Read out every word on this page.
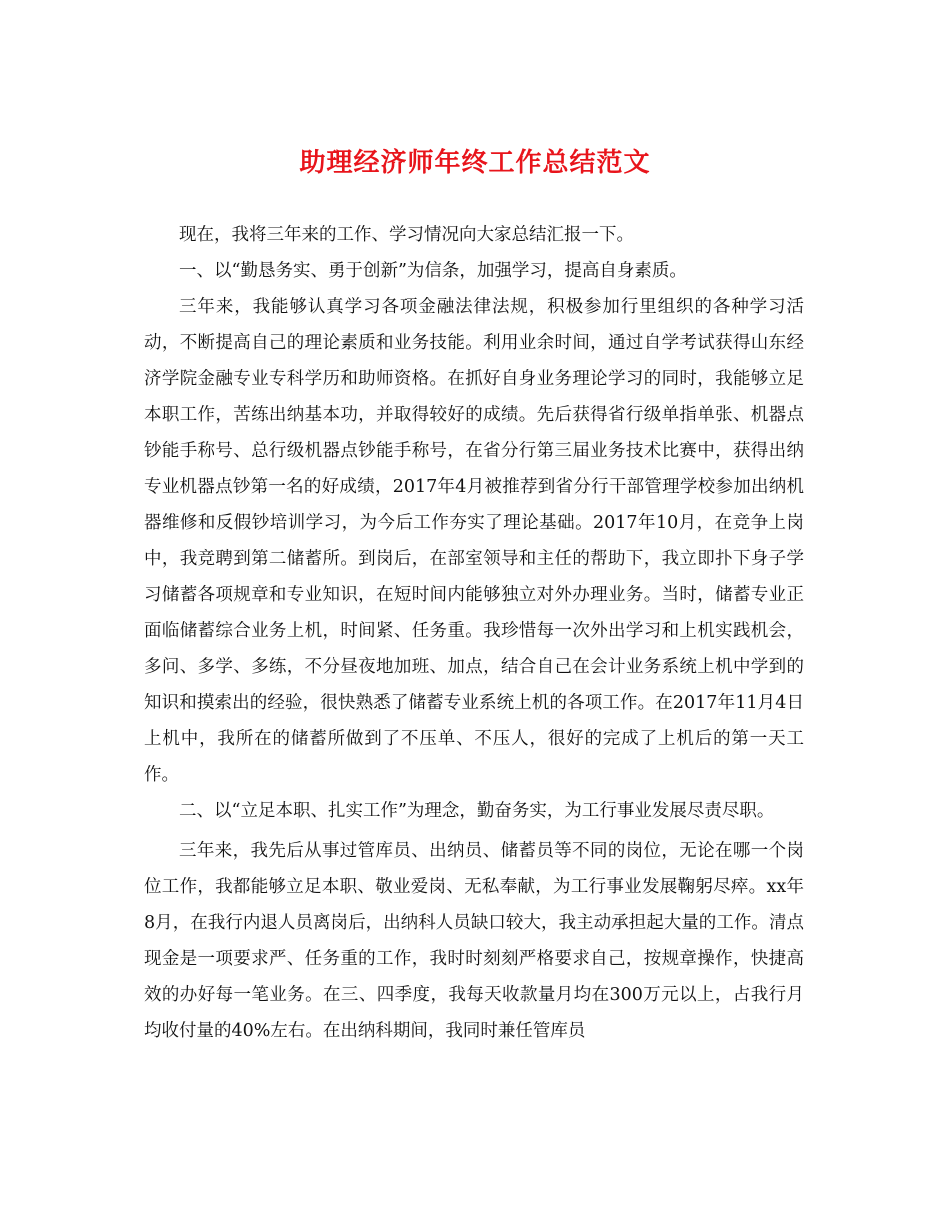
助理经济师年终工作总结范文

现在，我将三年来的工作、学习情况向大家总结汇报一下。

一、以“勤恳务实、勇于创新”为信条，加强学习，提高自身素质。

三年来，我能够认真学习各项金融法律法规，积极参加行里组织的各种学习活动，不断提高自己的理论素质和业务技能。利用业余时间，通过自学考试获得山东经济学院金融专业专科学历和助师资格。在抓好自身业务理论学习的同时，我能够立足本职工作，苦练出纳基本功，并取得较好的成绩。先后获得省行级单指单张、机器点钞能手称号、总行级机器点钞能手称号，在省分行第三届业务技术比赛中，获得出纳专业机器点钞第一名的好成绩，2017年4月被推荐到省分行干部管理学校参加出纳机器维修和反假钞培训学习，为今后工作夯实了理论基础。2017年10月，在竞争上岗中，我竞聘到第二储蓄所。到岗后，在部室领导和主任的帮助下，我立即扑下身子学习储蓄各项规章和专业知识，在短时间内能够独立对外办理业务。当时，储蓄专业正面临储蓄综合业务上机，时间紧、任务重。我珍惜每一次外出学习和上机实践机会，多问、多学、多练，不分昼夜地加班、加点，结合自己在会计业务系统上机中学到的知识和摸索出的经验，很快熟悉了储蓄专业系统上机的各项工作。在2017年11月4日上机中，我所在的储蓄所做到了不压单、不压人，很好的完成了上机后的第一天工作。

二、以“立足本职、扎实工作”为理念，勤奋务实，为工行事业发展尽责尽职。

三年来，我先后从事过管库员、出纳员、储蓄员等不同的岗位，无论在哪一个岗位工作，我都能够立足本职、敬业爱岗、无私奉献，为工行事业发展鞠躬尽瘁。xx年8月，在我行内退人员离岗后，出纳科人员缺口较大，我主动承担起大量的工作。清点现金是一项要求严、任务重的工作，我时时刻刻严格要求自己，按规章操作，快捷高效的办好每一笔业务。在三、四季度，我每天收款量月均在300万元以上，占我行月均收付量的40%左右。在出纳科期间，我同时兼任管库员
